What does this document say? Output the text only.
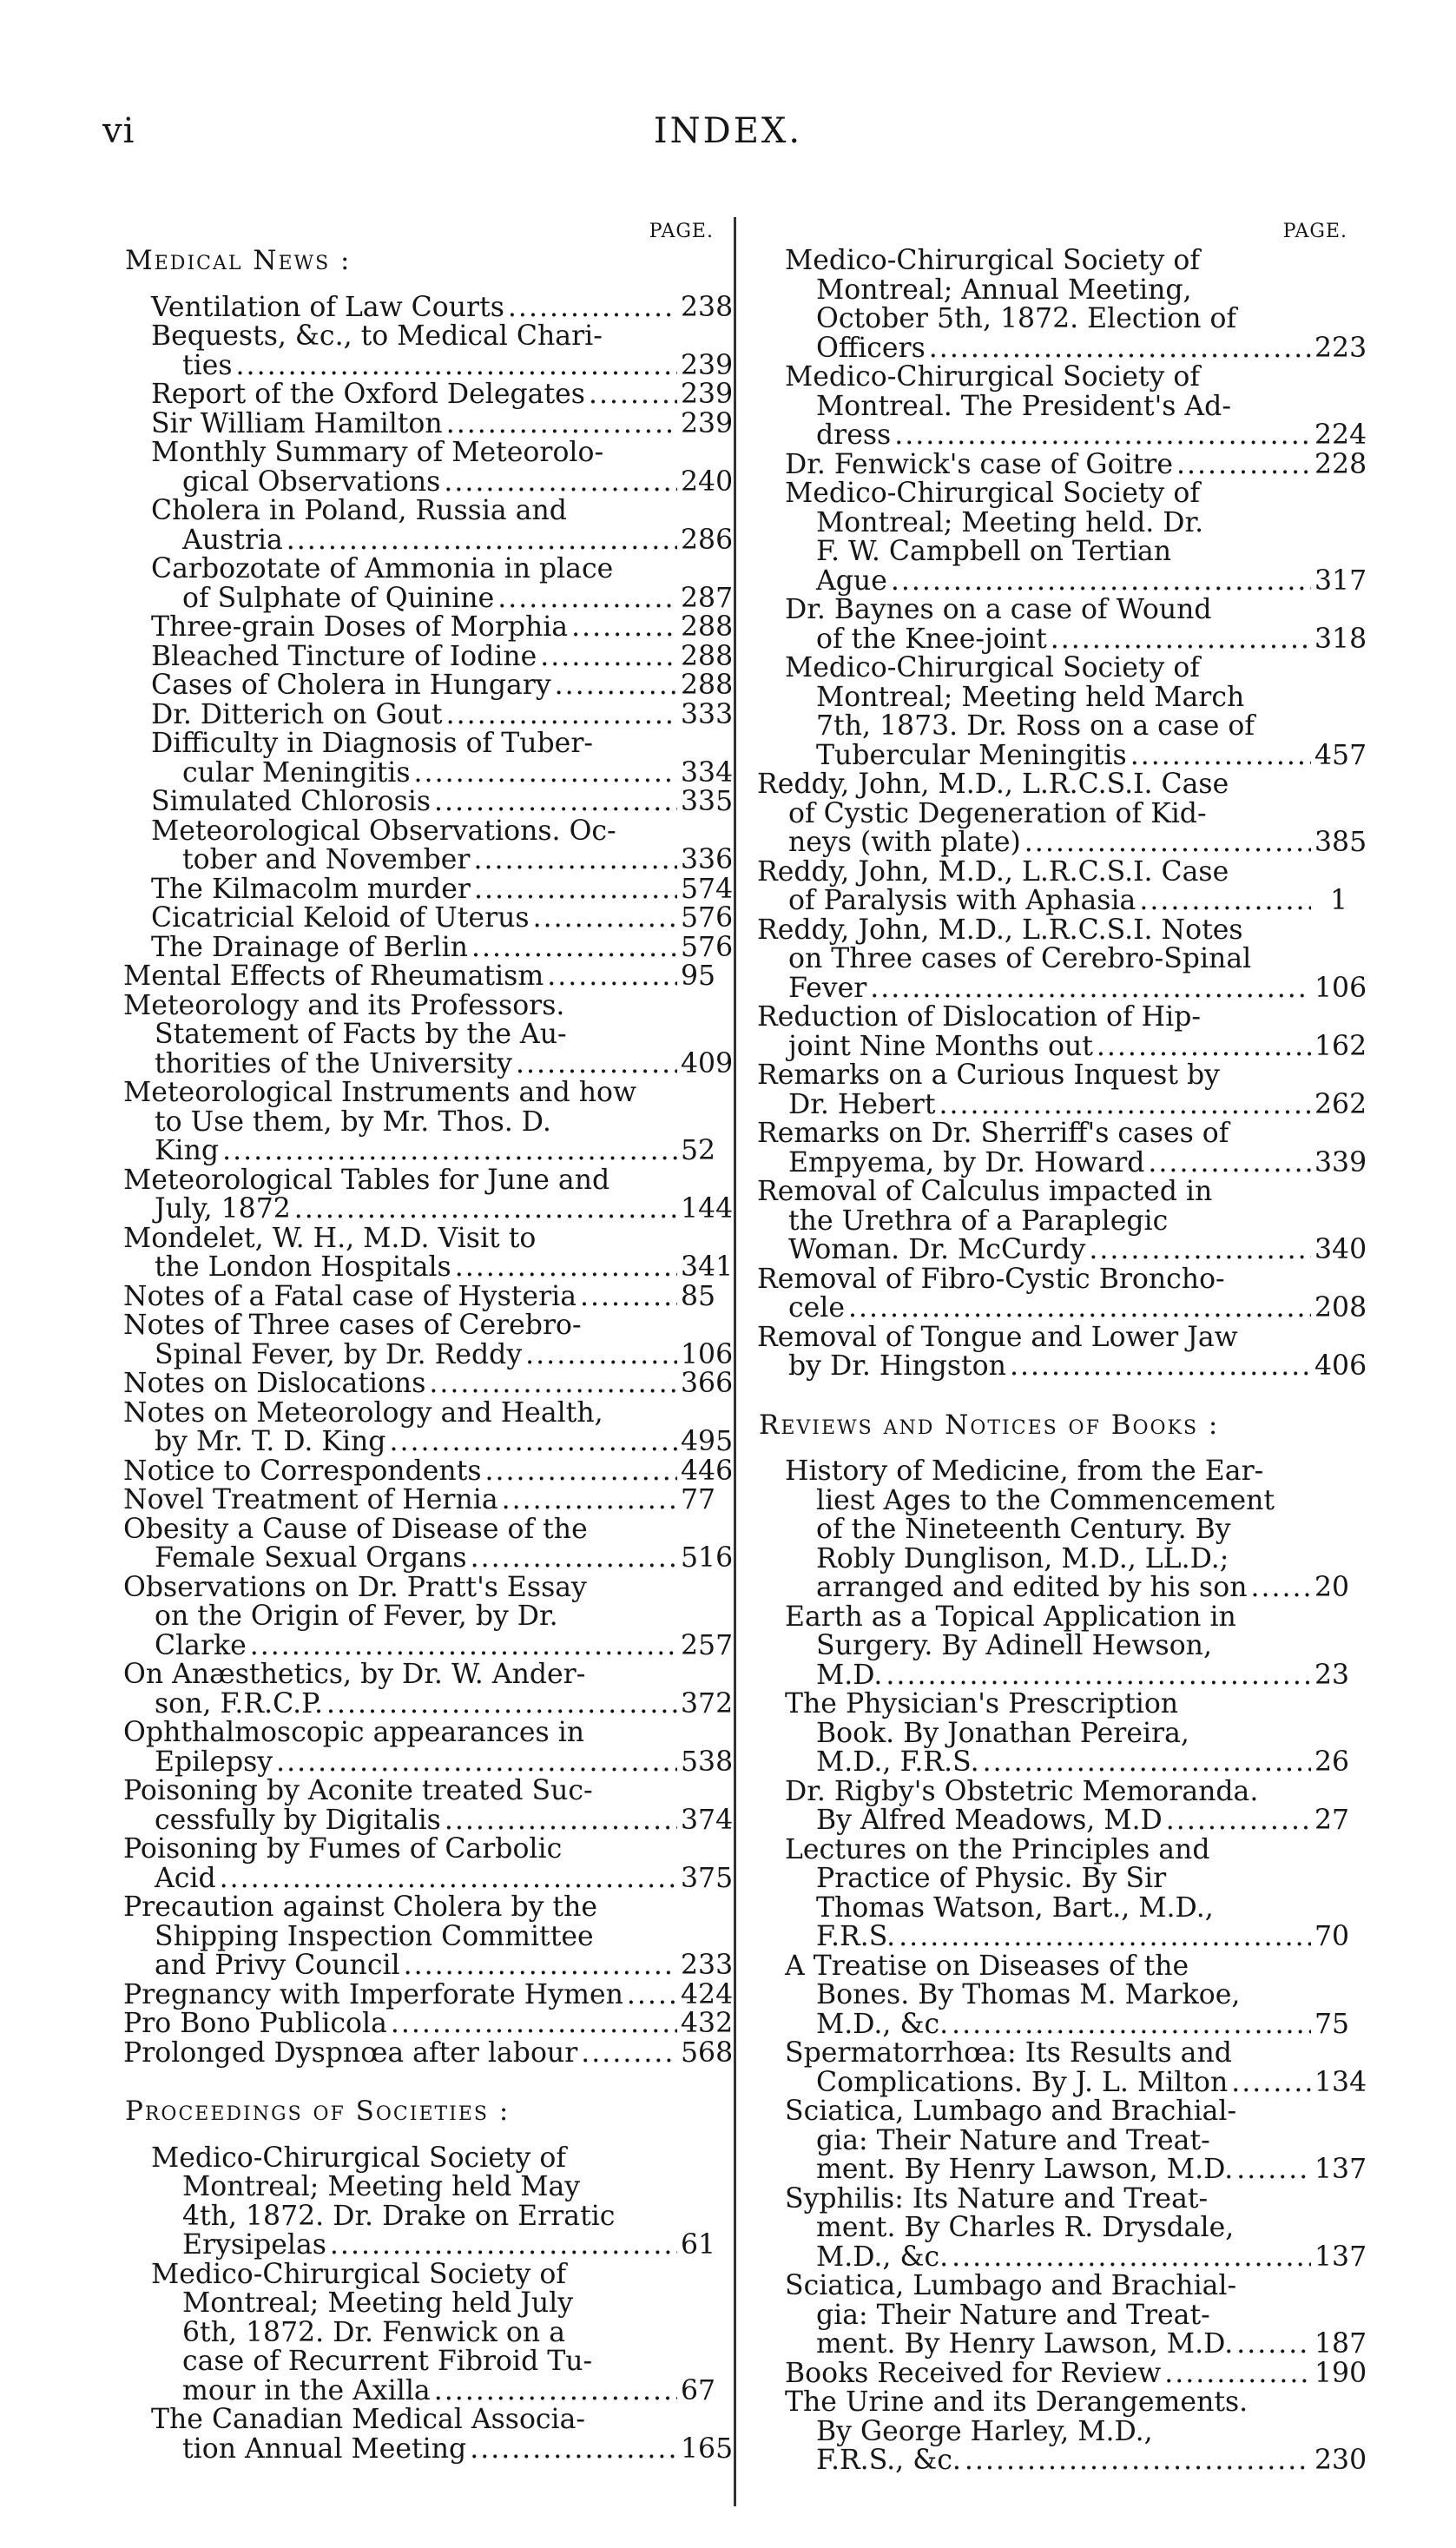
vi	INDEX.
PAGE.
Medical News :
Ventilation of Law Courts .....	238
Bequests, &c., to Medical Chari-
ties .....	239
Report of the Oxford Delegates .....	239
Sir William Hamilton .....	239
Monthly Summary of Meteorolo-
gical Observations .....	240
Cholera in Poland, Russia and
Austria .....	286
Carbozotate of Ammonia in place
of Sulphate of Quinine .....	287
Three-grain Doses of Morphia .....	288
Bleached Tincture of Iodine .....	288
Cases of Cholera in Hungary .....	288
Dr. Ditterich on Gout .....	333
Difficulty in Diagnosis of Tuber-
cular Meningitis .....	334
Simulated Chlorosis .....	335
Meteorological Observations. Oc-
tober and November .....	336
The Kilmacolm murder .....	574
Cicatricial Keloid of Uterus .....	576
The Drainage of Berlin .....	576
Mental Effects of Rheumatism .....	95
Meteorology and its Professors.
Statement of Facts by the Au-
thorities of the University .....	409
Meteorological Instruments and how
to Use them, by Mr. Thos. D.
King .....	52
Meteorological Tables for June and
July, 1872 .....	144
Mondelet, W. H., M.D. Visit to
the London Hospitals .....	341
Notes of a Fatal case of Hysteria .....	85
Notes of Three cases of Cerebro-
Spinal Fever, by Dr. Reddy .....	106
Notes on Dislocations .....	366
Notes on Meteorology and Health,
by Mr. T. D. King .....	495
Notice to Correspondents .....	446
Novel Treatment of Hernia .....	77
Obesity a Cause of Disease of the
Female Sexual Organs .....	516
Observations on Dr. Pratt's Essay
on the Origin of Fever, by Dr.
Clarke .....	257
On Anæsthetics, by Dr. W. Ander-
son, F.R.C.P. .....	372
Ophthalmoscopic appearances in
Epilepsy .....	538
Poisoning by Aconite treated Suc-
cessfully by Digitalis .....	374
Poisoning by Fumes of Carbolic
Acid .....	375
Precaution against Cholera by the
Shipping Inspection Committee
and Privy Council .....	233
Pregnancy with Imperforate Hymen ..... 424
Pro Bono Publicola .....	432
Prolonged Dyspnœa after labour .....	568
Proceedings of Societies :
Medico-Chirurgical Society of
Montreal; Meeting held May
4th, 1872. Dr. Drake on Erratic
Erysipelas .....	61
Medico-Chirurgical Society of
Montreal; Meeting held July
6th, 1872. Dr. Fenwick on a
case of Recurrent Fibroid Tu-
mour in the Axilla .....	67
The Canadian Medical Associa-
tion Annual Meeting .....	165
PAGE.
Medico-Chirurgical Society of
Montreal; Annual Meeting,
October 5th, 1872. Election of
Officers .....	223
Medico-Chirurgical Society of
Montreal. The President's Ad-
dress .....	224
Dr. Fenwick's case of Goitre .....	228
Medico-Chirurgical Society of
Montreal; Meeting held. Dr.
F. W. Campbell on Tertian
Ague .....	317
Dr. Baynes on a case of Wound
of the Knee-joint .....	318
Medico-Chirurgical Society of
Montreal; Meeting held March
7th, 1873. Dr. Ross on a case of
Tubercular Meningitis .....	457
Reddy, John, M.D., L.R.C.S.I. Case
of Cystic Degeneration of Kid-
neys (with plate) .....	385
Reddy, John, M.D., L.R.C.S.I. Case
of Paralysis with Aphasia .....	1
Reddy, John, M.D., L.R.C.S.I. Notes
on Three cases of Cerebro-Spinal
Fever .....	106
Reduction of Dislocation of Hip-
joint Nine Months out .....	162
Remarks on a Curious Inquest by
Dr. Hebert .....	262
Remarks on Dr. Sherriff's cases of
Empyema, by Dr. Howard .....	339
Removal of Calculus impacted in
the Urethra of a Paraplegic
Woman. Dr. McCurdy .....	340
Removal of Fibro-Cystic Broncho-
cele .....	208
Removal of Tongue and Lower Jaw
by Dr. Hingston .....	406
Reviews and Notices of Books :
History of Medicine, from the Ear-
liest Ages to the Commencement
of the Nineteenth Century. By
Robly Dunglison, M.D., LL.D.;
arranged and edited by his son ..... 20
Earth as a Topical Application in
Surgery. By Adinell Hewson,
M.D. .....	23
The Physician's Prescription
Book. By Jonathan Pereira,
M.D., F.R.S. .....	26
Dr. Rigby's Obstetric Memoranda.
By Alfred Meadows, M.D .....	27
Lectures on the Principles and
Practice of Physic. By Sir
Thomas Watson, Bart., M.D.,
F.R.S. .....	70
A Treatise on Diseases of the
Bones. By Thomas M. Markoe,
M.D., &c. .....	75
Spermatorrhœa: Its Results and
Complications. By J. L. Milton .....	134
Sciatica, Lumbago and Brachial-
gia: Their Nature and Treat-
ment. By Henry Lawson, M.D. .....	137
Syphilis: Its Nature and Treat-
ment. By Charles R. Drysdale,
M.D., &c. .....	137
Sciatica, Lumbago and Brachial-
gia: Their Nature and Treat-
ment. By Henry Lawson, M.D. .....	187
Books Received for Review .....	190
The Urine and its Derangements.
By George Harley, M.D.,
F.R.S., &c. .....	230
